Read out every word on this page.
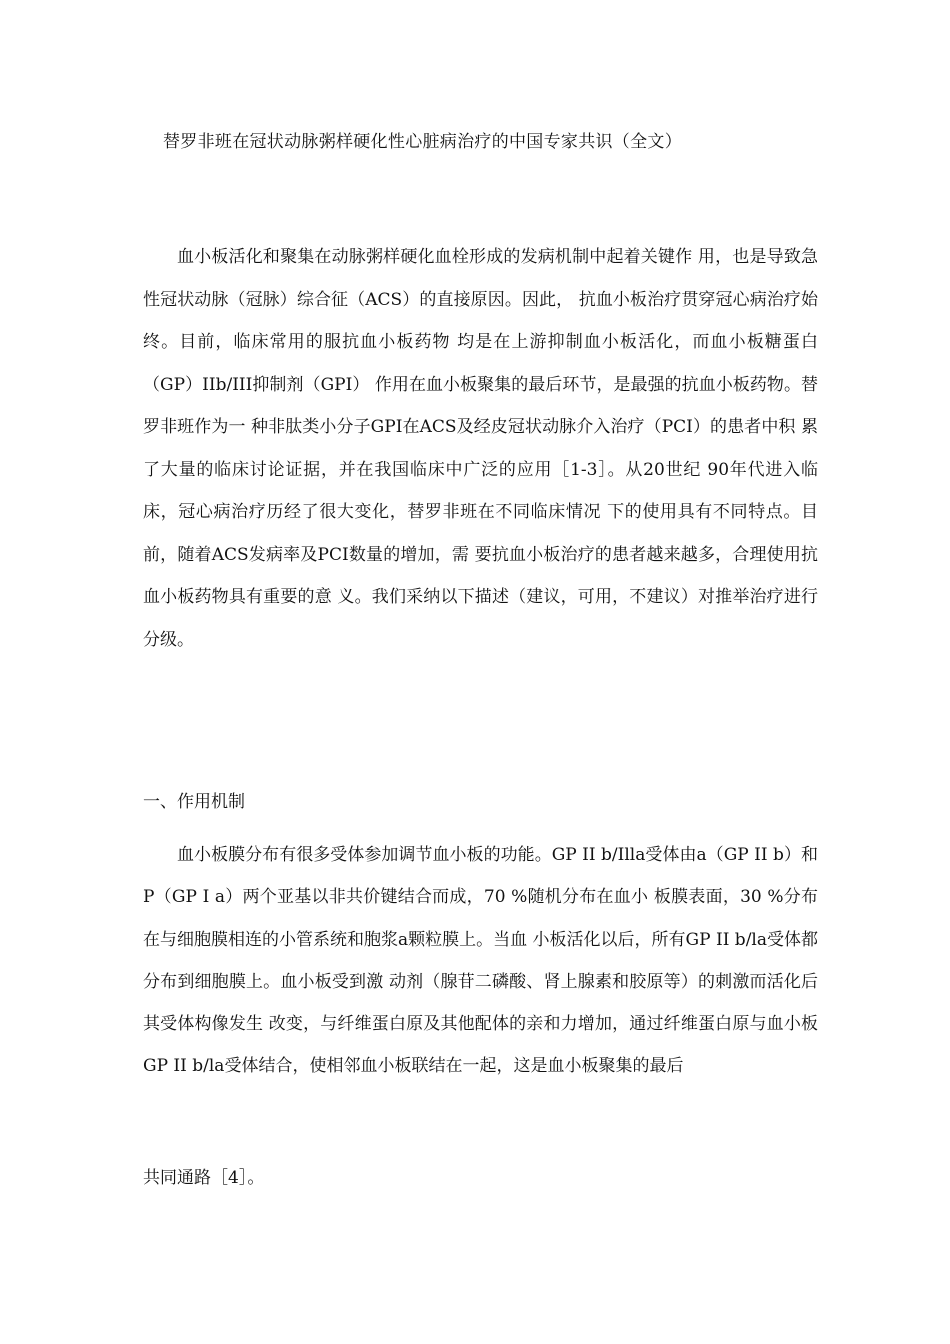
替罗非班在冠状动脉粥样硬化性心脏病治疗的中国专家共识（全文）

血小板活化和聚集在动脉粥样硬化血栓形成的发病机制中起着关键作 用，也是导致急性冠状动脉（冠脉）综合征（ACS）的直接原因。因此， 抗血小板治疗贯穿冠心病治疗始终。目前，临床常用的服抗血小板药物 均是在上游抑制血小板活化，而血小板糖蛋白（GP）IIb/III抑制剂（GPI） 作用在血小板聚集的最后环节，是最强的抗血小板药物。替罗非班作为一 种非肽类小分子GPI在ACS及经皮冠状动脉介入治疗（PCI）的患者中积 累了大量的临床讨论证据，并在我国临床中广泛的应用［1-3］。从20世纪 90年代进入临床，冠心病治疗历经了很大变化，替罗非班在不同临床情况 下的使用具有不同特点。目前，随着ACS发病率及PCI数量的增加，需 要抗血小板治疗的患者越来越多，合理使用抗血小板药物具有重要的意 义。我们采纳以下描述（建议，可用，不建议）对推举治疗进行分级。

一、作用机制

血小板膜分布有很多受体参加调节血小板的功能。GP II b/Illa受体由a（GP II b）和P（GP I a）两个亚基以非共价键结合而成，70 %随机分布在血小 板膜表面，30 %分布在与细胞膜相连的小管系统和胞浆a颗粒膜上。当血 小板活化以后，所有GP II b/la受体都分布到细胞膜上。血小板受到激 动剂（腺苷二磷酸、肾上腺素和胶原等）的刺激而活化后其受体构像发生 改变，与纤维蛋白原及其他配体的亲和力增加，通过纤维蛋白原与血小板 GP II b/la受体结合，使相邻血小板联结在一起，这是血小板聚集的最后

共同通路［4］。
